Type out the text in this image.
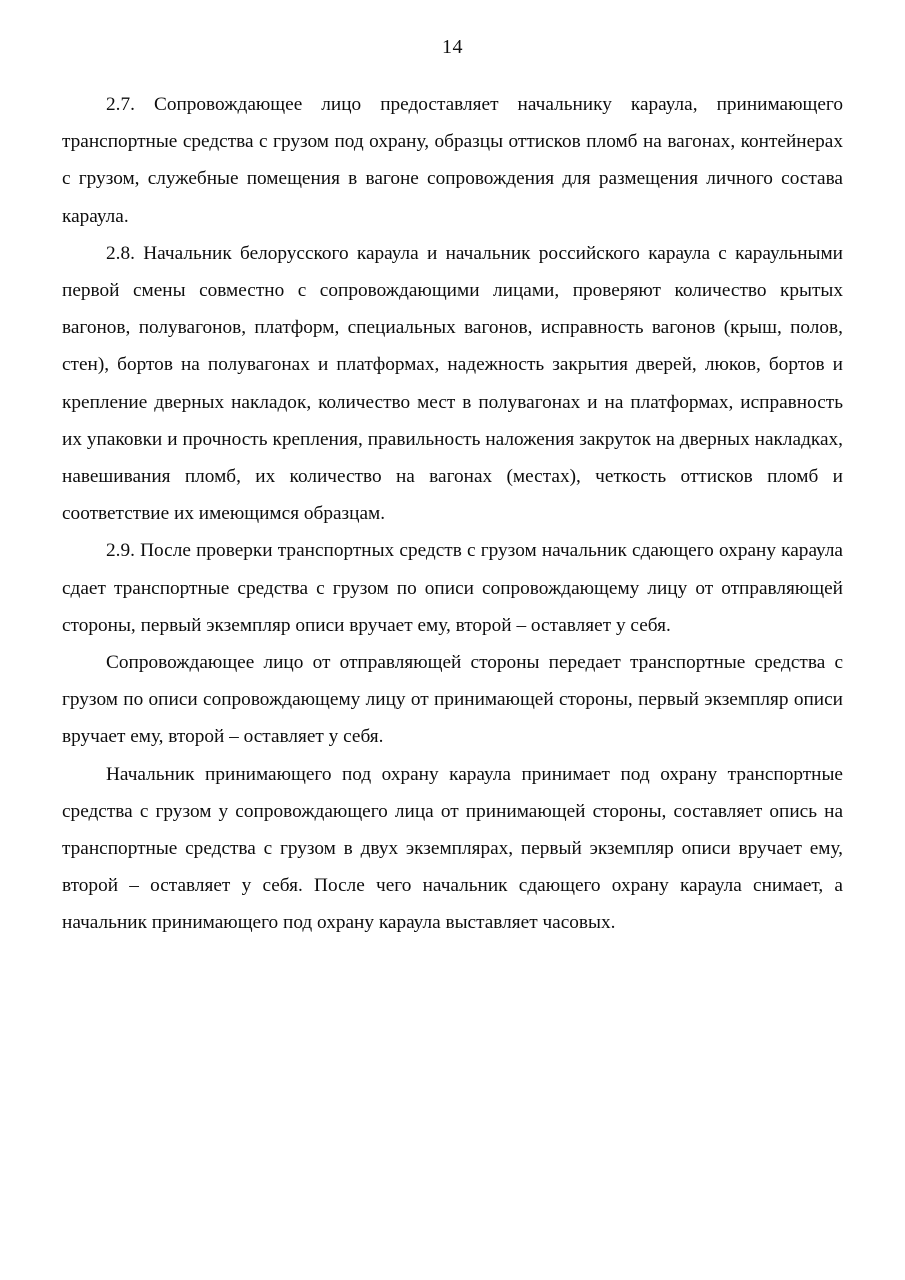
14

2.7. Сопровождающее лицо предоставляет начальнику караула, принимающего транспортные средства с грузом под охрану, образцы оттисков пломб на вагонах, контейнерах с грузом, служебные помещения в вагоне сопровождения для размещения личного состава караула.

2.8. Начальник белорусского караула и начальник российского караула с караульными первой смены совместно с сопровождающими лицами, проверяют количество крытых вагонов, полувагонов, платформ, специальных вагонов, исправность вагонов (крыш, полов, стен), бортов на полувагонах и платформах, надежность закрытия дверей, люков, бортов и крепление дверных накладок, количество мест в полувагонах и на платформах, исправность их упаковки и прочность крепления, правильность наложения закруток на дверных накладках, навешивания пломб, их количество на вагонах (местах), четкость оттисков пломб и соответствие их имеющимся образцам.

2.9. После проверки транспортных средств с грузом начальник сдающего охрану караула сдает транспортные средства с грузом по описи сопровождающему лицу от отправляющей стороны, первый экземпляр описи вручает ему, второй – оставляет у себя.

Сопровождающее лицо от отправляющей стороны передает транспортные средства с грузом по описи сопровождающему лицу от принимающей стороны, первый экземпляр описи вручает ему, второй – оставляет у себя.

Начальник принимающего под охрану караула принимает под охрану транспортные средства с грузом у сопровождающего лица от принимающей стороны, составляет опись на транспортные средства с грузом в двух экземплярах, первый экземпляр описи вручает ему, второй – оставляет у себя. После чего начальник сдающего охрану караула снимает, а начальник принимающего под охрану караула выставляет часовых.
